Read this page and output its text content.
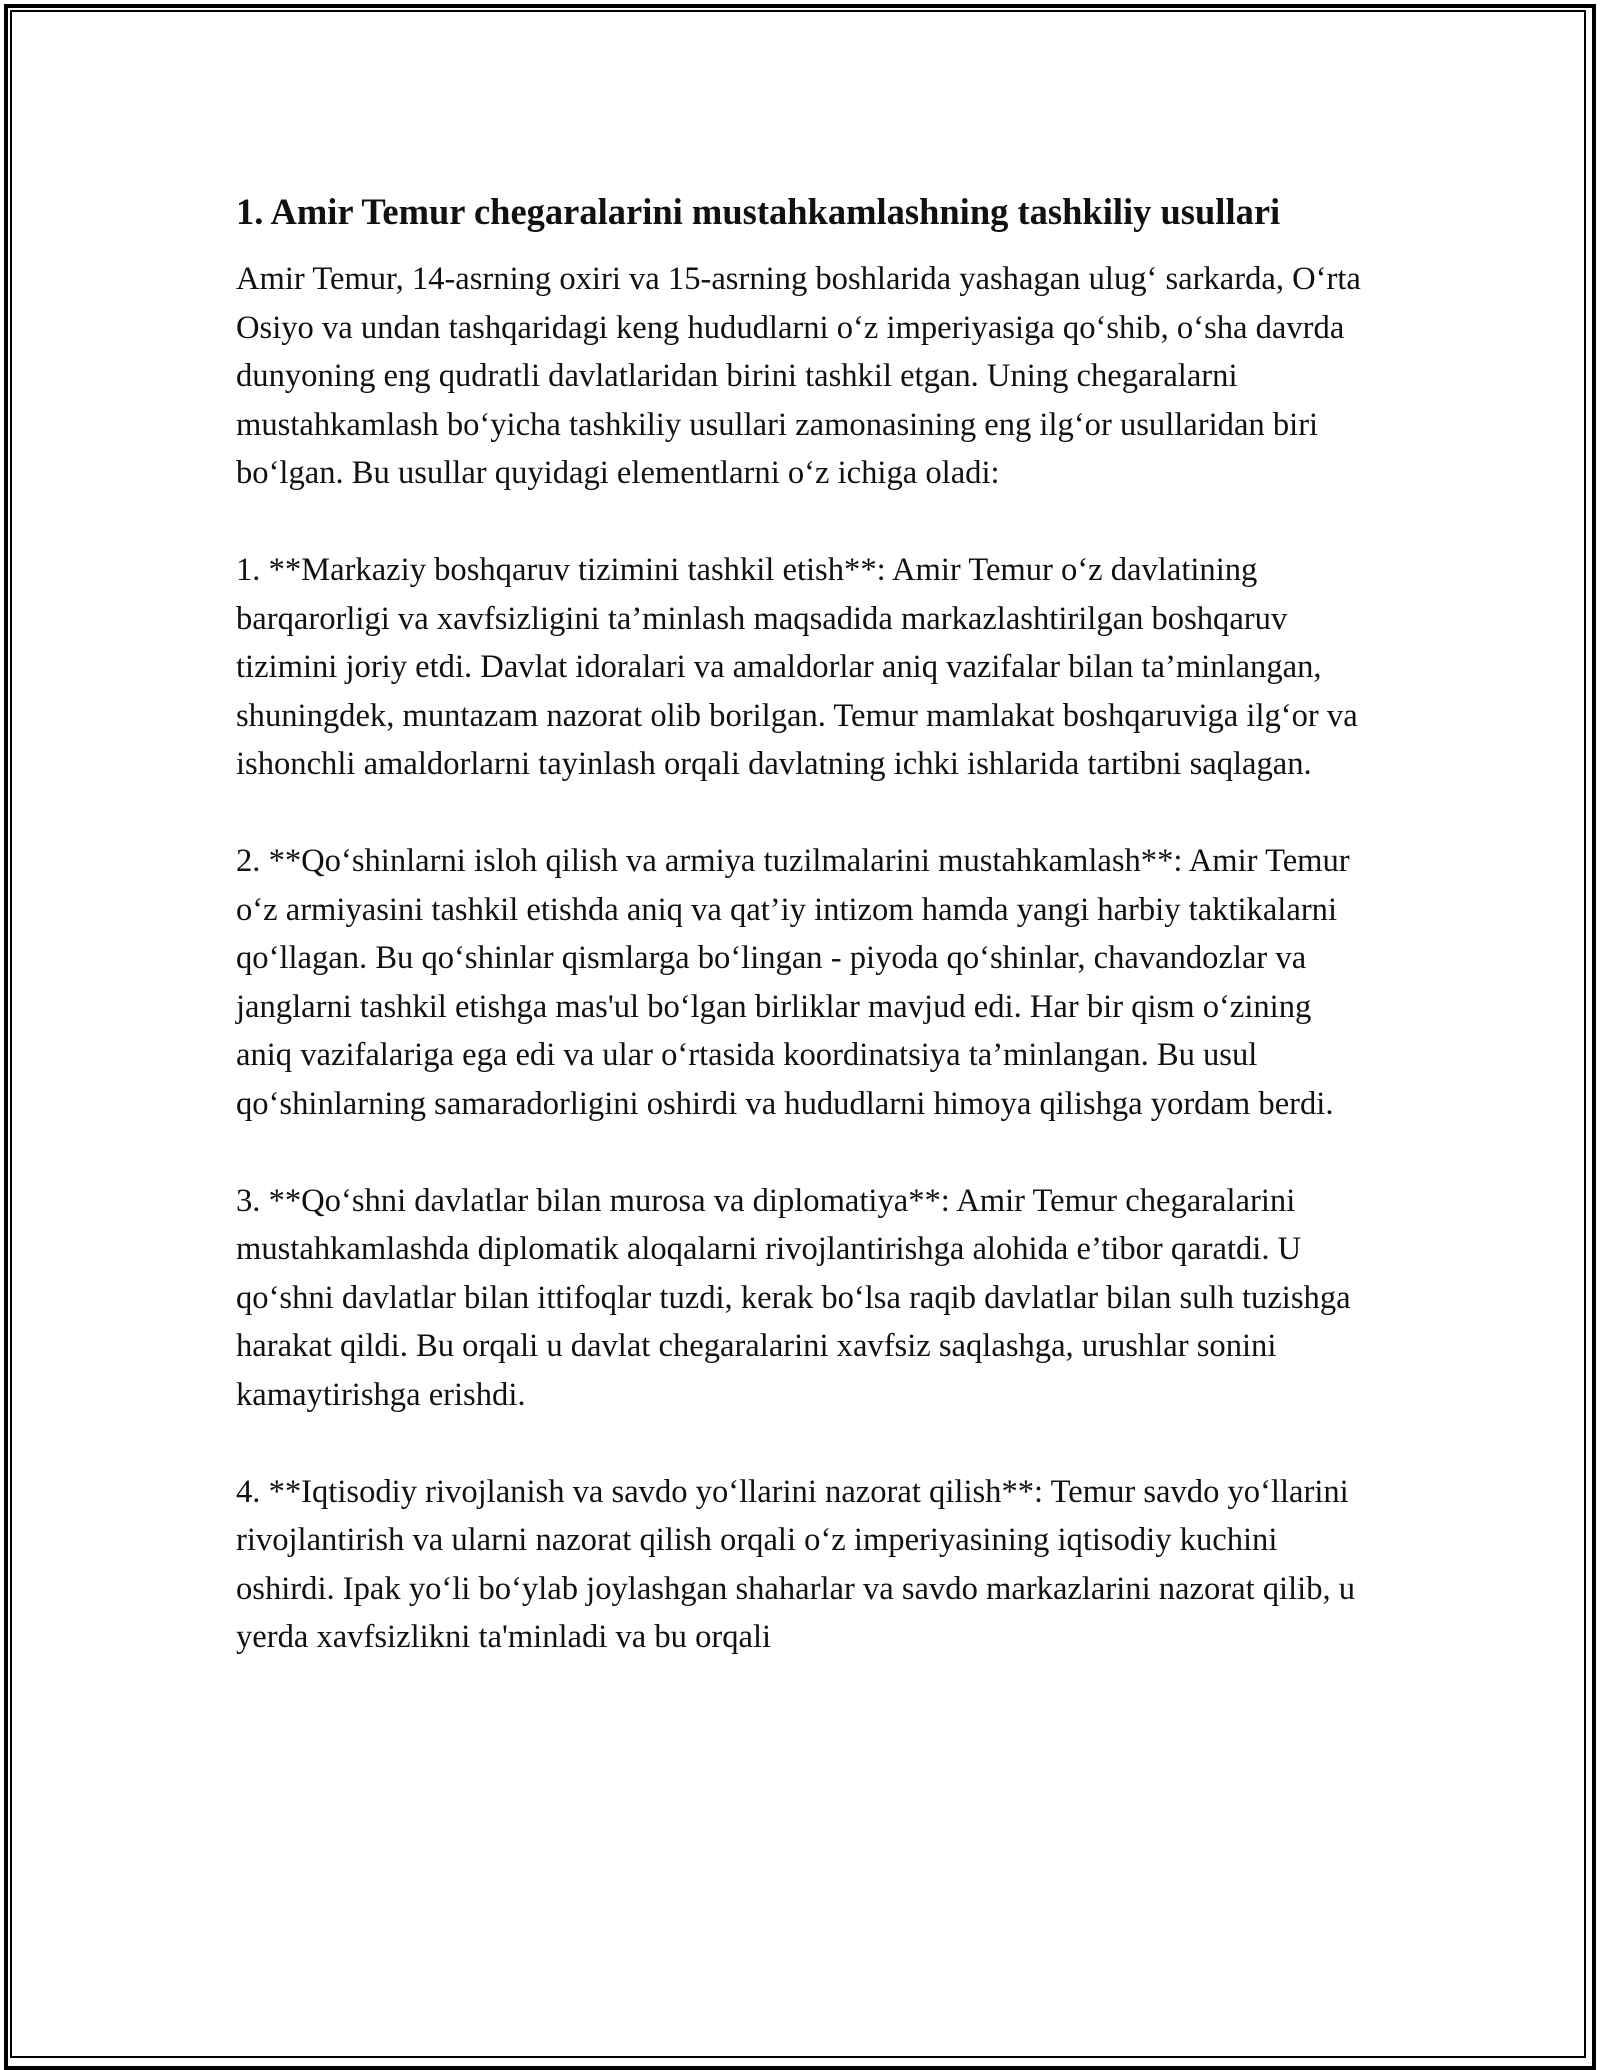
1. Amir Temur chegaralarini mustahkamlashning tashkiliy usullari

Amir Temur, 14-asrning oxiri va 15-asrning boshlarida yashagan ulug‘ sarkarda, O‘rta Osiyo va undan tashqaridagi keng hududlarni o‘z imperiyasiga qo‘shib, o‘sha davrda dunyoning eng qudratli davlatlaridan birini tashkil etgan. Uning chegaralarni mustahkamlash bo‘yicha tashkiliy usullari zamonasining eng ilg‘or usullaridan biri bo‘lgan. Bu usullar quyidagi elementlarni o‘z ichiga oladi:

1. **Markaziy boshqaruv tizimini tashkil etish**: Amir Temur o‘z davlatining barqarorligi va xavfsizligini ta’minlash maqsadida markazlashtirilgan boshqaruv tizimini joriy etdi. Davlat idoralari va amaldorlar aniq vazifalar bilan ta’minlangan, shuningdek, muntazam nazorat olib borilgan. Temur mamlakat boshqaruviga ilg‘or va ishonchli amaldorlarni tayinlash orqali davlatning ichki ishlarida tartibni saqlagan.

2. **Qo‘shinlarni isloh qilish va armiya tuzilmalarini mustahkamlash**: Amir Temur o‘z armiyasini tashkil etishda aniq va qat’iy intizom hamda yangi harbiy taktikalarni qo‘llagan. Bu qo‘shinlar qismlarga bo‘lingan - piyoda qo‘shinlar, chavandozlar va janglarni tashkil etishga mas'ul bo‘lgan birliklar mavjud edi. Har bir qism o‘zining aniq vazifalariga ega edi va ular o‘rtasida koordinatsiya ta’minlangan. Bu usul qo‘shinlarning samaradorligini oshirdi va hududlarni himoya qilishga yordam berdi.

3. **Qo‘shni davlatlar bilan murosa va diplomatiya**: Amir Temur chegaralarini mustahkamlashda diplomatik aloqalarni rivojlantirishga alohida e’tibor qaratdi. U qo‘shni davlatlar bilan ittifoqlar tuzdi, kerak bo‘lsa raqib davlatlar bilan sulh tuzishga harakat qildi. Bu orqali u davlat chegaralarini xavfsiz saqlashga, urushlar sonini kamaytirishga erishdi.

4. **Iqtisodiy rivojlanish va savdo yo‘llarini nazorat qilish**: Temur savdo yo‘llarini rivojlantirish va ularni nazorat qilish orqali o‘z imperiyasining iqtisodiy kuchini oshirdi. Ipak yo‘li bo‘ylab joylashgan shaharlar va savdo markazlarini nazorat qilib, u yerda xavfsizlikni ta'minladi va bu orqali
